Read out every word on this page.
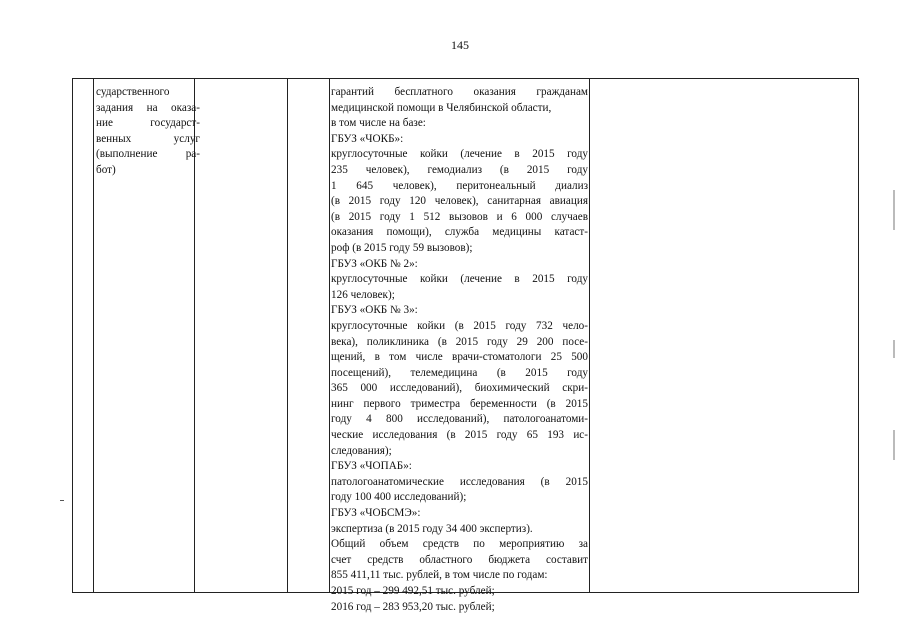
145
сударственного
задания на оказа-
ние государст-
венных услуг
(выполнение ра-
бот)
гарантий бесплатного оказания гражданам
медицинской помощи в Челябинской области,
в том числе на базе:
ГБУЗ «ЧОКБ»:
круглосуточные койки (лечение в 2015 году
235 человек), гемодиализ (в 2015 году
1 645 человек), перитонеальный диализ
(в 2015 году 120 человек), санитарная авиация
(в 2015 году 1 512 вызовов и 6 000 случаев
оказания помощи), служба медицины катаст-
роф (в 2015 году 59 вызовов);
ГБУЗ «ОКБ № 2»:
круглосуточные койки (лечение в 2015 году
126 человек);
ГБУЗ «ОКБ № 3»:
круглосуточные койки (в 2015 году 732 чело-
века), поликлиника (в 2015 году 29 200 посе-
щений, в том числе врачи-стоматологи 25 500
посещений), телемедицина (в 2015 году
365 000 исследований), биохимический скри-
нинг первого триместра беременности (в 2015
году 4 800 исследований), патологоанатоми-
ческие исследования (в 2015 году 65 193 ис-
следования);
ГБУЗ «ЧОПАБ»:
патологоанатомические исследования (в 2015
году 100 400 исследований);
ГБУЗ «ЧОБСМЭ»:
экспертиза (в 2015 году 34 400 экспертиз).
Общий объем средств по мероприятию за
счет средств областного бюджета составит
855 411,11 тыс. рублей, в том числе по годам:
2015 год – 299 492,51 тыс. рублей;
2016 год – 283 953,20 тыс. рублей;
